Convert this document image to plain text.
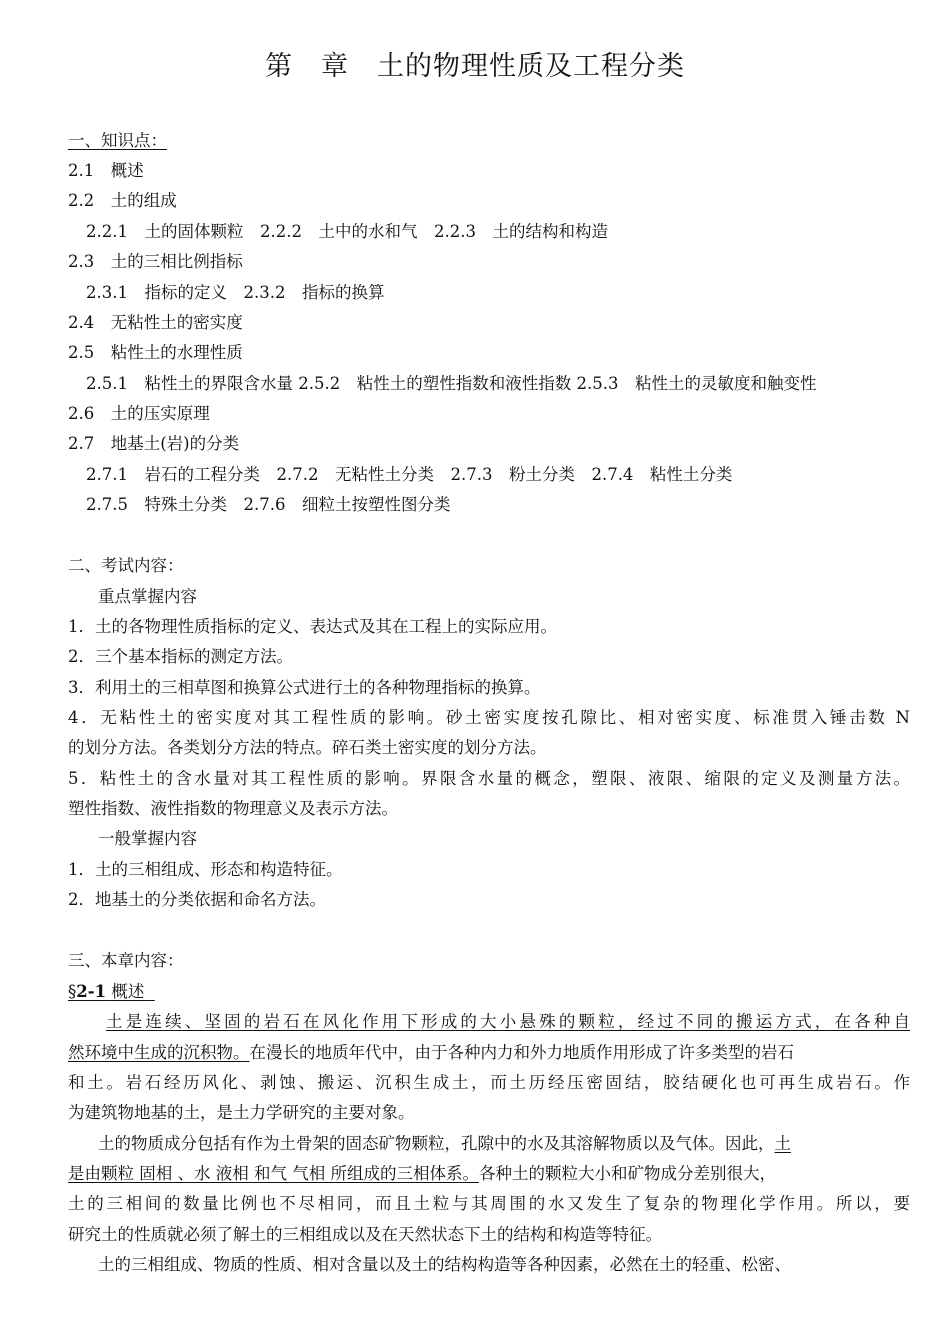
第　章　土的物理性质及工程分类
一、知识点：
2.1　概述
2.2　土的组成
2.2.1　土的固体颗粒　2.2.2　土中的水和气　2.2.3　土的结构和构造
2.3　土的三相比例指标
2.3.1　指标的定义　2.3.2　指标的换算
2.4　无粘性土的密实度
2.5　粘性土的水理性质
2.5.1　粘性土的界限含水量 2.5.2　粘性土的塑性指数和液性指数 2.5.3　粘性土的灵敏度和触变性
2.6　土的压实原理
2.7　地基土(岩)的分类
2.7.1　岩石的工程分类　2.7.2　无粘性土分类　2.7.3　粉土分类　2.7.4　粘性土分类
2.7.5　特殊土分类　2.7.6　细粒土按塑性图分类
二、考试内容：
重点掌握内容
1．土的各物理性质指标的定义、表达式及其在工程上的实际应用。
2．三个基本指标的测定方法。
3．利用土的三相草图和换算公式进行土的各种物理指标的换算。
4．无粘性土的密实度对其工程性质的影响。砂土密实度按孔隙比、相对密实度、标准贯入锤击数 N
的划分方法。各类划分方法的特点。碎石类土密实度的划分方法。
5．粘性土的含水量对其工程性质的影响。界限含水量的概念，塑限、液限、缩限的定义及测量方法。
塑性指数、液性指数的物理意义及表示方法。
一般掌握内容
1．土的三相组成、形态和构造特征。
2．地基土的分类依据和命名方法。
三、本章内容：
§2-1 概述
土是连续、坚固的岩石在风化作用下形成的大小悬殊的颗粒，经过不同的搬运方式，在各种自
然环境中生成的沉积物。在漫长的地质年代中，由于各种内力和外力地质作用形成了许多类型的岩石
和土。岩石经历风化、剥蚀、搬运、沉积生成土，而土历经压密固结，胶结硬化也可再生成岩石。作
为建筑物地基的土，是土力学研究的主要对象。
土的物质成分包括有作为土骨架的固态矿物颗粒，孔隙中的水及其溶解物质以及气体。因此，土
是由颗粒 固相 、水 液相 和气 气相 所组成的三相体系。各种土的颗粒大小和矿物成分差别很大，
土的三相间的数量比例也不尽相同，而且土粒与其周围的水又发生了复杂的物理化学作用。所以，要
研究土的性质就必须了解土的三相组成以及在天然状态下土的结构和构造等特征。
土的三相组成、物质的性质、相对含量以及土的结构构造等各种因素，必然在土的轻重、松密、
